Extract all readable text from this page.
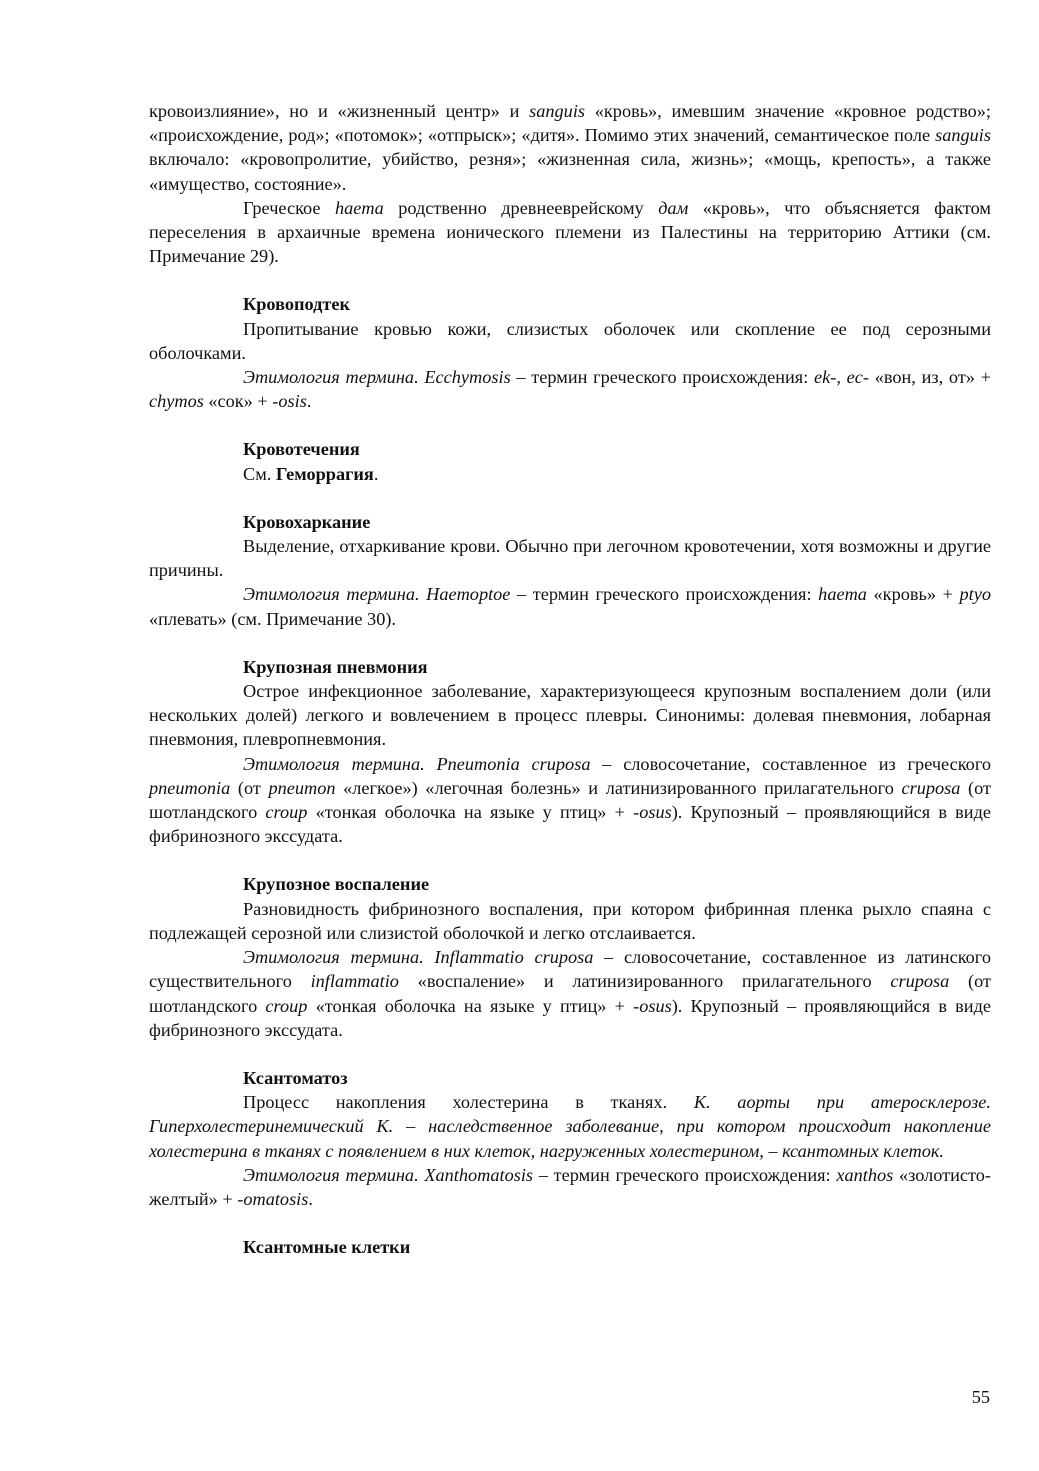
кровоизлияние», но и «жизненный центр» и sanguis «кровь», имевшим значение «кровное родство»; «происхождение, род»; «потомок»; «отпрыск»; «дитя». Помимо этих значений, семантическое поле sanguis включало: «кровопролитие, убийство, резня»; «жизненная сила, жизнь»; «мощь, крепость», а также «имущество, состояние».

Греческое haema родственно древнееврейскому дам «кровь», что объясняется фактом переселения в архаичные времена ионического племени из Палестины на территорию Аттики (см. Примечание 29).

Кровоподтек

Пропитывание кровью кожи, слизистых оболочек или скопление ее под серозными оболочками.

Этимология термина. Ecchymosis – термин греческого происхождения: ek-, ec- «вон, из, от» + chymos «сок» + -osis.

Кровотечения

См. Геморрагия.

Кровохаркание

Выделение, отхаркивание крови. Обычно при легочном кровотечении, хотя возможны и другие причины.

Этимология термина. Haemoptoe – термин греческого происхождения: haema «кровь» + ptyo «плевать» (см. Примечание 30).

Крупозная пневмония

Острое инфекционное заболевание, характеризующееся крупозным воспалением доли (или нескольких долей) легкого и вовлечением в процесс плевры. Синонимы: долевая пневмония, лобарная пневмония, плевропневмония.

Этимология термина. Pneumonia cruposa – словосочетание, составленное из греческого pneumonia (от pneumon «легкое») «легочная болезнь» и латинизированного прилагательного cruposa (от шотландского croup «тонкая оболочка на языке у птиц» + -osus). Крупозный – проявляющийся в виде фибринозного экссудата.

Крупозное воспаление

Разновидность фибринозного воспаления, при котором фибринная пленка рыхло спаяна с подлежащей серозной или слизистой оболочкой и легко отслаивается.

Этимология термина. Inflammatio cruposa – словосочетание, составленное из латинского существительного inflammatio «воспаление» и латинизированного прилагательного cruposa (от шотландского croup «тонкая оболочка на языке у птиц» + -osus). Крупозный – проявляющийся в виде фибринозного экссудата.

Ксантоматоз

Процесс накопления холестерина в тканях. К. аорты при атеросклерозе. Гиперхолестеринемический К. – наследственное заболевание, при котором происходит накопление холестерина в тканях с появлением в них клеток, нагруженных холестерином, – ксантомных клеток.

Этимология термина. Xanthomatosis – термин греческого происхождения: xanthos «золотисто-желтый» + -omatosis.

Ксантомные клетки

55
